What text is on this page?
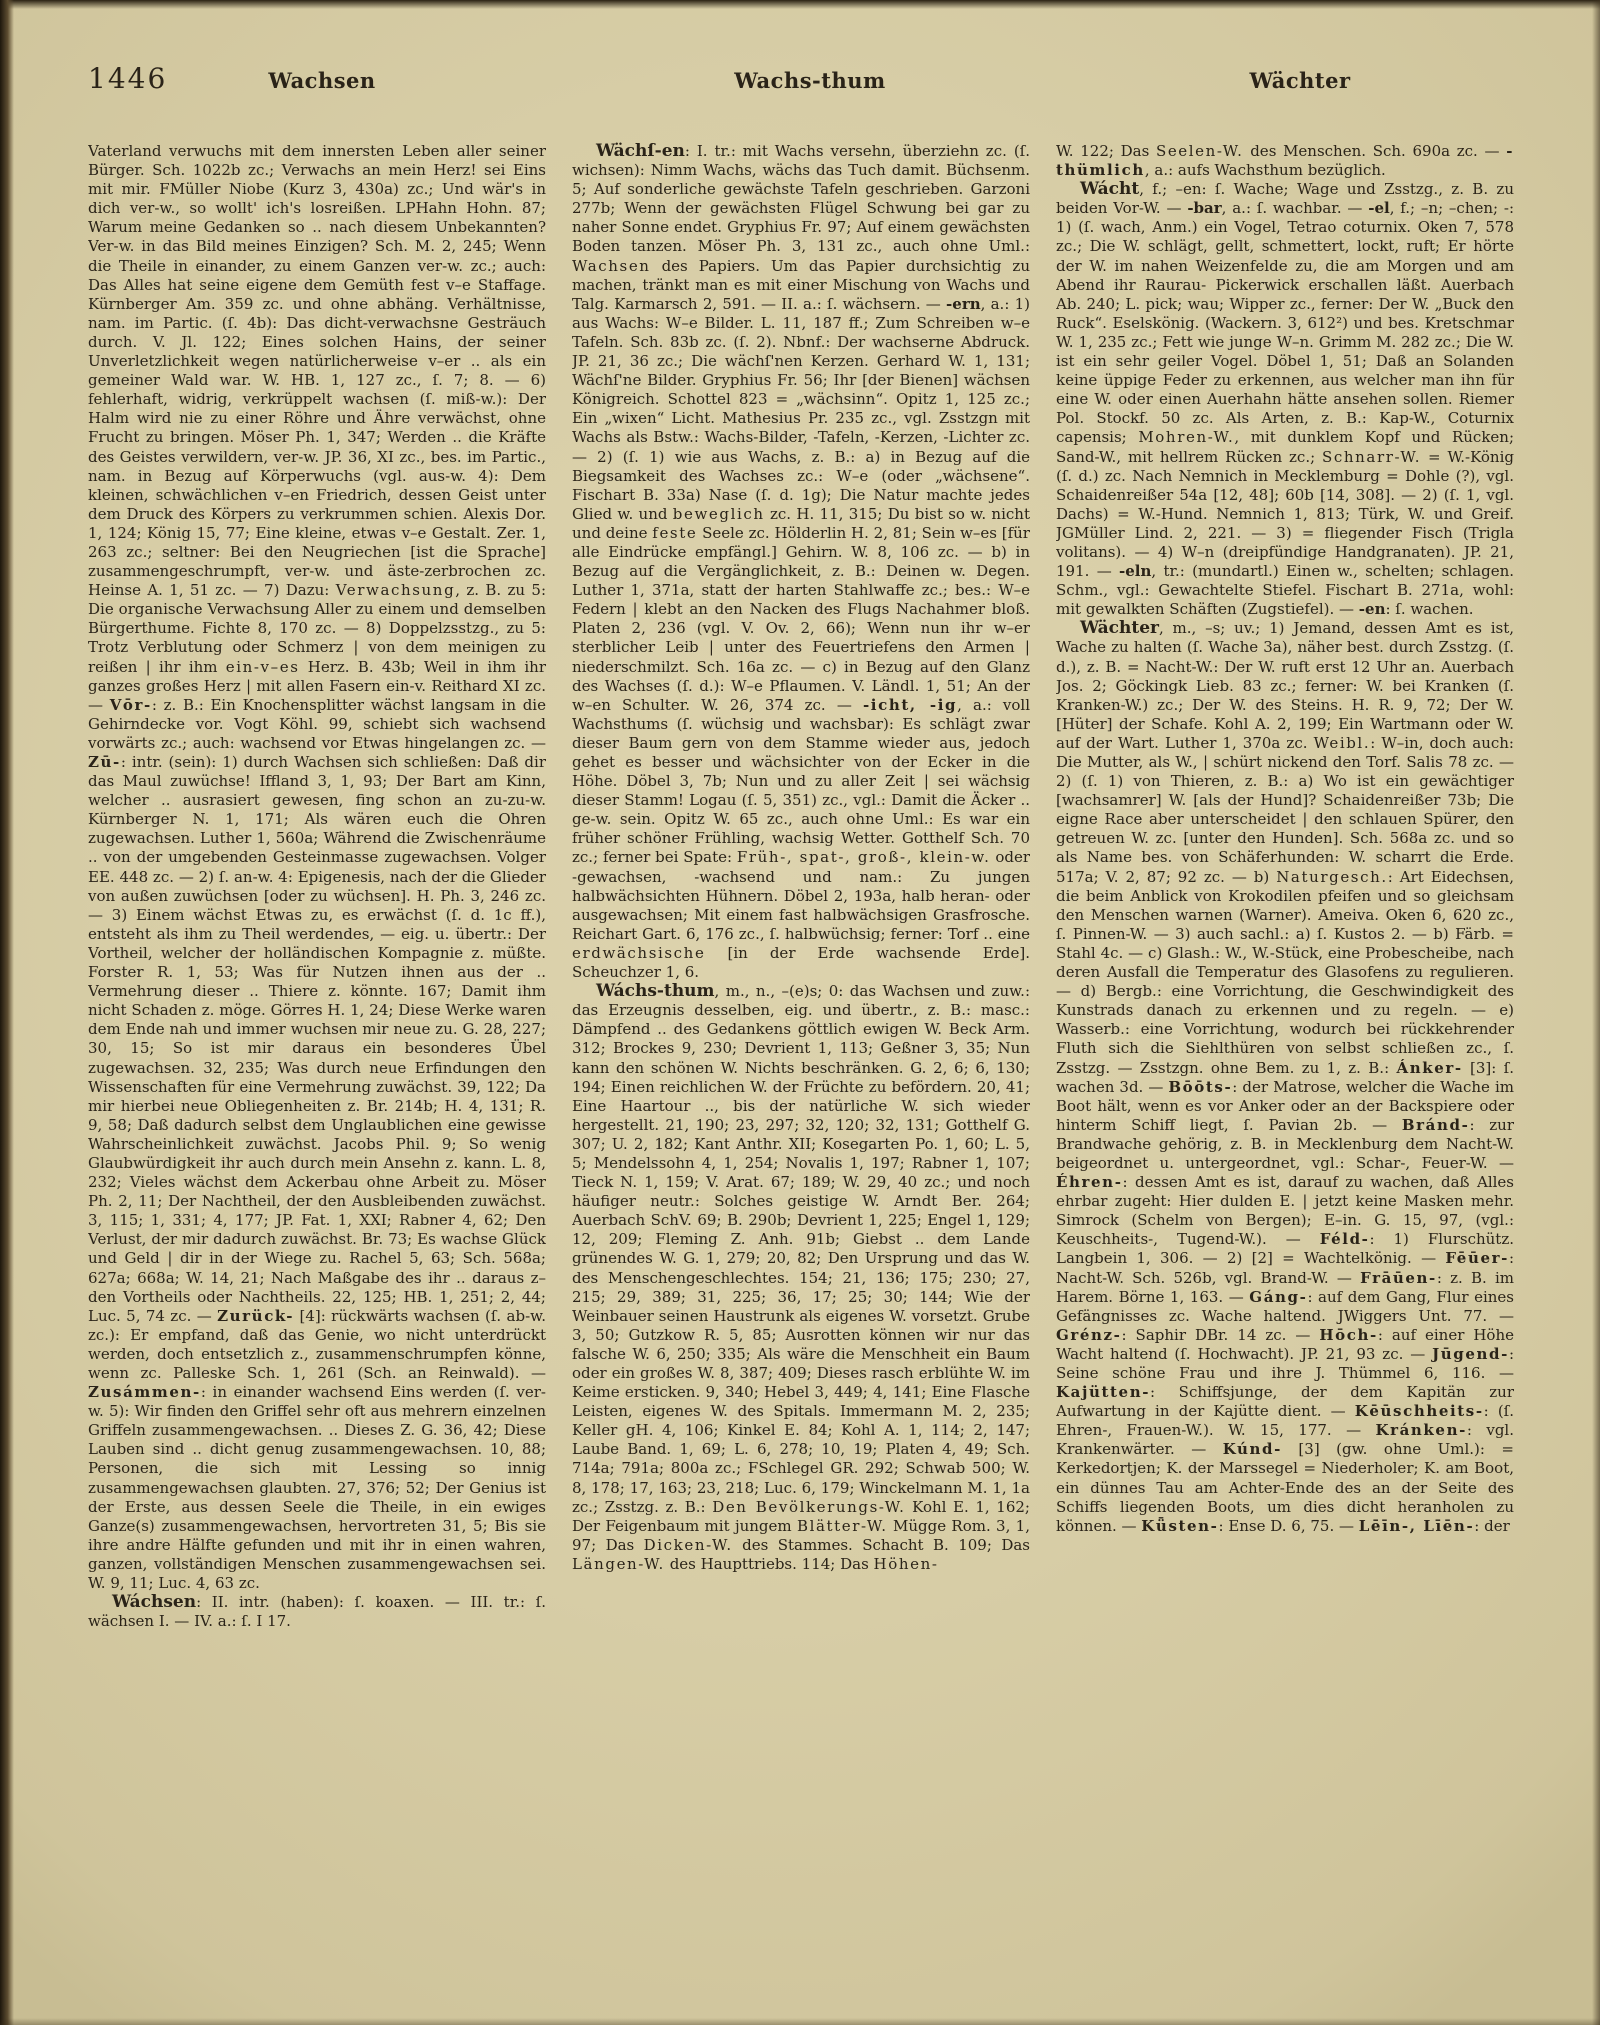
1446	Wachsen	Wachs-thum	Wächter

Vaterland verwuchs mit dem innersten Leben aller seiner Bürger. Sch. 1022b zc.; Verwachs an mein Herz! sei Eins mit mir. FMüller Niobe (Kurz 3, 430a) zc.; Und wär's in dich ver-w., so wollt' ich's losreißen. LPHahn Hohn. 87; Warum meine Gedanken so .. nach diesem Unbekannten? Ver-w. in das Bild meines Einzigen? Sch. M. 2, 245; Wenn die Theile in einander, zu einem Ganzen ver-w. zc.; auch: Das Alles hat seine eigene dem Gemüth fest v–e Staffage. Kürnberger Am. 359 zc. und ohne abhäng. Verhältnisse, nam. im Partic. (ſ. 4b): Das dicht-verwachsne Gesträuch durch. V. Jl. 122; Eines solchen Hains, der seiner Unverletzlichkeit wegen natürlicherweise v–er .. als ein gemeiner Wald war. W. HB. 1, 127 zc., ſ. 7; 8. — 6) fehlerhaft, widrig, verkrüppelt wachsen (ſ. miß-w.): Der Halm wird nie zu einer Röhre und Ähre verwächst, ohne Frucht zu bringen. Möser Ph. 1, 347; Werden .. die Kräfte des Geistes verwildern, ver-w. JP. 36, XI zc., bes. im Partic., nam. in Bezug auf Körperwuchs (vgl. aus-w. 4): Dem kleinen, schwächlichen v–en Friedrich, dessen Geist unter dem Druck des Körpers zu verkrummen schien. Alexis Dor. 1, 124; König 15, 77; Eine kleine, etwas v–e Gestalt. Zer. 1, 263 zc.; seltner: Bei den Neugriechen [ist die Sprache] zusammengeschrumpft, ver-w. und äste-zerbrochen zc. Heinse A. 1, 51 zc. — 7) Dazu: Verwachsung, z. B. zu 5: Die organische Verwachsung Aller zu einem und demselben Bürgerthume. Fichte 8, 170 zc. — 8) Doppelzsstzg., zu 5: Trotz Verblutung oder Schmerz | von dem meinigen zu reißen | ihr ihm ein-v–es Herz. B. 43b; Weil in ihm ihr ganzes großes Herz | mit allen Fasern ein-v. Reithard XI zc. — Vōr-: z. B.: Ein Knochensplitter wächst langsam in die Gehirndecke vor. Vogt Köhl. 99, schiebt sich wachsend vorwärts zc.; auch: wachsend vor Etwas hingelangen zc. — Zū-: intr. (sein): 1) durch Wachsen sich schließen: Daß dir das Maul zuwüchse! Iffland 3, 1, 93; Der Bart am Kinn, welcher .. ausrasiert gewesen, fing schon an zu-zu-w. Kürnberger N. 1, 171; Als wären euch die Ohren zugewachsen. Luther 1, 560a; Während die Zwischenräume .. von der umgebenden Gesteinmasse zugewachsen. Volger EE. 448 zc. — 2) ſ. an-w. 4: Epigenesis, nach der die Glieder von außen zuwüchsen [oder zu wüchsen]. H. Ph. 3, 246 zc. — 3) Einem wächst Etwas zu, es erwächst (ſ. d. 1c ff.), entsteht als ihm zu Theil werdendes, — eig. u. übertr.: Der Vortheil, welcher der holländischen Kompagnie z. müßte. Forster R. 1, 53; Was für Nutzen ihnen aus der .. Vermehrung dieser .. Thiere z. könnte. 167; Damit ihm nicht Schaden z. möge. Görres H. 1, 24; Diese Werke waren dem Ende nah und immer wuchsen mir neue zu. G. 28, 227; 30, 15; So ist mir daraus ein besonderes Übel zugewachsen. 32, 235; Was durch neue Erfindungen den Wissenschaften für eine Vermehrung zuwächst. 39, 122; Da mir hierbei neue Obliegenheiten z. Br. 214b; H. 4, 131; R. 9, 58; Daß dadurch selbst dem Unglaublichen eine gewisse Wahrscheinlichkeit zuwächst. Jacobs Phil. 9; So wenig Glaubwürdigkeit ihr auch durch mein Ansehn z. kann. L. 8, 232; Vieles wächst dem Ackerbau ohne Arbeit zu. Möser Ph. 2, 11; Der Nachtheil, der den Ausbleibenden zuwächst. 3, 115; 1, 331; 4, 177; JP. Fat. 1, XXI; Rabner 4, 62; Den Verlust, der mir dadurch zuwächst. Br. 73; Es wachse Glück und Geld | dir in der Wiege zu. Rachel 5, 63; Sch. 568a; 627a; 668a; W. 14, 21; Nach Maßgabe des ihr .. daraus z–den Vortheils oder Nachtheils. 22, 125; HB. 1, 251; 2, 44; Luc. 5, 74 zc. — Zurück- [4]: rückwärts wachsen (ſ. ab-w. zc.): Er empfand, daß das Genie, wo nicht unterdrückt werden, doch entsetzlich z., zusammenschrumpfen könne, wenn zc. Palleske Sch. 1, 261 (Sch. an Reinwald). — Zusámmen-: in einander wachsend Eins werden (ſ. ver-w. 5): Wir finden den Griffel sehr oft aus mehrern einzelnen Griffeln zusammengewachsen. .. Dieses Z. G. 36, 42; Diese Lauben sind .. dicht genug zusammengewachsen. 10, 88; Personen, die sich mit Lessing so innig zusammengewachsen glaubten. 27, 376; 52; Der Genius ist der Erste, aus dessen Seele die Theile, in ein ewiges Ganze(s) zusammengewachsen, hervortreten 31, 5; Bis sie ihre andre Hälfte gefunden und mit ihr in einen wahren, ganzen, vollständigen Menschen zusammengewachsen sei. W. 9, 11; Luc. 4, 63 zc.

Wáchsen: II. intr. (haben): ſ. koaxen. — III. tr.: ſ. wächsen I. — IV. a.: ſ. I 17.

Wächſ-en: I. tr.: mit Wachs versehn, überziehn zc. (ſ. wichsen): Nimm Wachs, wächs das Tuch damit. Büchsenm. 5; Auf sonderliche gewächste Tafeln geschrieben. Garzoni 277b; Wenn der gewächsten Flügel Schwung bei gar zu naher Sonne endet. Gryphius Fr. 97; Auf einem gewächsten Boden tanzen. Möser Ph. 3, 131 zc., auch ohne Uml.: Wachsen des Papiers. Um das Papier durchsichtig zu machen, tränkt man es mit einer Mischung von Wachs und Talg. Karmarsch 2, 591. — II. a.: ſ. wächsern. — -ern, a.: 1) aus Wachs: W–e Bilder. L. 11, 187 ff.; Zum Schreiben w–e Tafeln. Sch. 83b zc. (ſ. 2). Nbnf.: Der wachserne Abdruck. JP. 21, 36 zc.; Die wächſ'nen Kerzen. Gerhard W. 1, 131; Wächſ'ne Bilder. Gryphius Fr. 56; Ihr [der Bienen] wächsen Königreich. Schottel 823 = „wächsinn“. Opitz 1, 125 zc.; Ein „wixen“ Licht. Mathesius Pr. 235 zc., vgl. Zsstzgn mit Wachs als Bstw.: Wachs-Bilder, -Tafeln, -Kerzen, -Lichter zc. — 2) (ſ. 1) wie aus Wachs, z. B.: a) in Bezug auf die Biegsamkeit des Wachses zc.: W–e (oder „wächsene“. Fischart B. 33a) Nase (ſ. d. 1g); Die Natur machte jedes Glied w. und beweglich zc. H. 11, 315; Du bist so w. nicht und deine feste Seele zc. Hölderlin H. 2, 81; Sein w–es [für alle Eindrücke empfängl.] Gehirn. W. 8, 106 zc. — b) in Bezug auf die Vergänglichkeit, z. B.: Deinen w. Degen. Luther 1, 371a, statt der harten Stahlwaffe zc.; bes.: W–e Federn | klebt an den Nacken des Flugs Nachahmer bloß. Platen 2, 236 (vgl. V. Ov. 2, 66); Wenn nun ihr w–er sterblicher Leib | unter des Feuertriefens den Armen | niederschmilzt. Sch. 16a zc. — c) in Bezug auf den Glanz des Wachses (ſ. d.): W–e Pflaumen. V. Ländl. 1, 51; An der w–en Schulter. W. 26, 374 zc. — -icht, -ig, a.: voll Wachsthums (ſ. wüchsig und wachsbar): Es schlägt zwar dieser Baum gern von dem Stamme wieder aus, jedoch gehet es besser und wächsichter von der Ecker in die Höhe. Döbel 3, 7b; Nun und zu aller Zeit | sei wächsig dieser Stamm! Logau (ſ. 5, 351) zc., vgl.: Damit die Äcker .. ge-w. sein. Opitz W. 65 zc., auch ohne Uml.: Es war ein früher schöner Frühling, wachsig Wetter. Gotthelf Sch. 70 zc.; ferner bei Spate: Früh-, spat-, groß-, klein-w. oder -gewachsen, -wachsend und nam.: Zu jungen halbwächsichten Hühnern. Döbel 2, 193a, halb heran- oder ausgewachsen; Mit einem fast halbwächsigen Grasfrosche. Reichart Gart. 6, 176 zc., ſ. halbwüchsig; ferner: Torf .. eine erdwächsische [in der Erde wachsende Erde]. Scheuchzer 1, 6.

Wáchs-thum, m., n., –(e)s; 0: das Wachsen und zuw.: das Erzeugnis desselben, eig. und übertr., z. B.: masc.: Dämpfend .. des Gedankens göttlich ewigen W. Beck Arm. 312; Brockes 9, 230; Devrient 1, 113; Geßner 3, 35; Nun kann den schönen W. Nichts beschränken. G. 2, 6; 6, 130; 194; Einen reichlichen W. der Früchte zu befördern. 20, 41; Eine Haartour .., bis der natürliche W. sich wieder hergestellt. 21, 190; 23, 297; 32, 120; 32, 131; Gotthelf G. 307; U. 2, 182; Kant Anthr. XII; Kosegarten Po. 1, 60; L. 5, 5; Mendelssohn 4, 1, 254; Novalis 1, 197; Rabner 1, 107; Tieck N. 1, 159; V. Arat. 67; 189; W. 29, 40 zc.; und noch häufiger neutr.: Solches geistige W. Arndt Ber. 264; Auerbach SchV. 69; B. 290b; Devrient 1, 225; Engel 1, 129; 12, 209; Fleming Z. Anh. 91b; Giebst .. dem Lande grünendes W. G. 1, 279; 20, 82; Den Ursprung und das W. des Menschengeschlechtes. 154; 21, 136; 175; 230; 27, 215; 29, 389; 31, 225; 36, 17; 25; 30; 144; Wie der Weinbauer seinen Haustrunk als eigenes W. vorsetzt. Grube 3, 50; Gutzkow R. 5, 85; Ausrotten können wir nur das falsche W. 6, 250; 335; Als wäre die Menschheit ein Baum oder ein großes W. 8, 387; 409; Dieses rasch erblühte W. im Keime ersticken. 9, 340; Hebel 3, 449; 4, 141; Eine Flasche Leisten, eigenes W. des Spitals. Immermann M. 2, 235; Keller gH. 4, 106; Kinkel E. 84; Kohl A. 1, 114; 2, 147; Laube Band. 1, 69; L. 6, 278; 10, 19; Platen 4, 49; Sch. 714a; 791a; 800a zc.; FSchlegel GR. 292; Schwab 500; W. 8, 178; 17, 163; 23, 218; Luc. 6, 179; Winckelmann M. 1, 1a zc.; Zsstzg. z. B.: Den Bevölkerungs-W. Kohl E. 1, 162; Der Feigenbaum mit jungem Blätter-W. Mügge Rom. 3, 1, 97; Das Dicken-W. des Stammes. Schacht B. 109; Das Längen-W. des Haupttriebs. 114; Das Höhen-

W. 122; Das Seelen-W. des Menschen. Sch. 690a zc. — -thümlich, a.: aufs Wachsthum bezüglich.

Wácht, f.; –en: ſ. Wache; Wage und Zsstzg., z. B. zu beiden Vor-W. — -bar, a.: ſ. wachbar. — -el, f.; –n; –chen; -: 1) (ſ. wach, Anm.) ein Vogel, Tetrao coturnix. Oken 7, 578 zc.; Die W. schlägt, gellt, schmettert, lockt, ruft; Er hörte der W. im nahen Weizenfelde zu, die am Morgen und am Abend ihr Raurau- Pickerwick erschallen läßt. Auerbach Ab. 240; L. pick; wau; Wipper zc., ferner: Der W. „Buck den Ruck“. Eselskönig. (Wackern. 3, 612²) und bes. Kretschmar W. 1, 235 zc.; Fett wie junge W–n. Grimm M. 282 zc.; Die W. ist ein sehr geiler Vogel. Döbel 1, 51; Daß an Solanden keine üppige Feder zu erkennen, aus welcher man ihn für eine W. oder einen Auerhahn hätte ansehen sollen. Riemer Pol. Stockf. 50 zc. Als Arten, z. B.: Kap-W., Coturnix capensis; Mohren-W., mit dunklem Kopf und Rücken; Sand-W., mit hellrem Rücken zc.; Schnarr-W. = W.-König (ſ. d.) zc. Nach Nemnich in Mecklemburg = Dohle (?), vgl. Schaidenreißer 54a [12, 48]; 60b [14, 308]. — 2) (ſ. 1, vgl. Dachs) = W.-Hund. Nemnich 1, 813; Türk, W. und Greif. JGMüller Lind. 2, 221. — 3) = fliegender Fisch (Trigla volitans). — 4) W–n (dreipfündige Handgranaten). JP. 21, 191. — -eln, tr.: (mundartl.) Einen w., schelten; schlagen. Schm., vgl.: Gewachtelte Stiefel. Fischart B. 271a, wohl: mit gewalkten Schäften (Zugstiefel). — -en: ſ. wachen.

Wächter, m., –s; uv.; 1) Jemand, dessen Amt es ist, Wache zu halten (ſ. Wache 3a), näher best. durch Zsstzg. (ſ. d.), z. B. = Nacht-W.: Der W. ruft erst 12 Uhr an. Auerbach Jos. 2; Göckingk Lieb. 83 zc.; ferner: W. bei Kranken (ſ. Kranken-W.) zc.; Der W. des Steins. H. R. 9, 72; Der W. [Hüter] der Schafe. Kohl A. 2, 199; Ein Wartmann oder W. auf der Wart. Luther 1, 370a zc. Weibl.: W–in, doch auch: Die Mutter, als W., | schürt nickend den Torf. Salis 78 zc. — 2) (ſ. 1) von Thieren, z. B.: a) Wo ist ein gewächtiger [wachsamrer] W. [als der Hund]? Schaidenreißer 73b; Die eigne Race aber unterscheidet | den schlauen Spürer, den getreuen W. zc. [unter den Hunden]. Sch. 568a zc. und so als Name bes. von Schäferhunden: W. scharrt die Erde. 517a; V. 2, 87; 92 zc. — b) Naturgesch.: Art Eidechsen, die beim Anblick von Krokodilen pfeifen und so gleichsam den Menschen warnen (Warner). Ameiva. Oken 6, 620 zc., ſ. Pinnen-W. — 3) auch sachl.: a) ſ. Kustos 2. — b) Färb. = Stahl 4c. — c) Glash.: W., W.-Stück, eine Probescheibe, nach deren Ausfall die Temperatur des Glasofens zu regulieren. — d) Bergb.: eine Vorrichtung, die Geschwindigkeit des Kunstrads danach zu erkennen und zu regeln. — e) Wasserb.: eine Vorrichtung, wodurch bei rückkehrender Fluth sich die Siehlthüren von selbst schließen zc., ſ. Zsstzg. — Zsstzgn. ohne Bem. zu 1, z. B.: Ánker- [3]: ſ. wachen 3d. — Bōōts-: der Matrose, welcher die Wache im Boot hält, wenn es vor Anker oder an der Backspiere oder hinterm Schiff liegt, ſ. Pavian 2b. — Bránd-: zur Brandwache gehörig, z. B. in Mecklenburg dem Nacht-W. beigeordnet u. untergeordnet, vgl.: Schar-, Feuer-W. — Éhren-: dessen Amt es ist, darauf zu wachen, daß Alles ehrbar zugeht: Hier dulden E. | jetzt keine Masken mehr. Simrock (Schelm von Bergen); E–in. G. 15, 97, (vgl.: Keuschheits-, Tugend-W.). — Féld-: 1) Flurschütz. Langbein 1, 306. — 2) [2] = Wachtelkönig. — Fēūer-: Nacht-W. Sch. 526b, vgl. Brand-W. — Frāūen-: z. B. im Harem. Börne 1, 163. — Gáng-: auf dem Gang, Flur eines Gefängnisses zc. Wache haltend. JWiggers Unt. 77. — Grénz-: Saphir DBr. 14 zc. — Hōch-: auf einer Höhe Wacht haltend (ſ. Hochwacht). JP. 21, 93 zc. — Jūgend-: Seine schöne Frau und ihre J. Thümmel 6, 116. — Kajütten-: Schiffsjunge, der dem Kapitän zur Aufwartung in der Kajütte dient. — Kēūschheits-: (ſ. Ehren-, Frauen-W.). W. 15, 177. — Kránken-: vgl. Krankenwärter. — Kúnd- [3] (gw. ohne Uml.): = Kerkedortjen; K. der Marssegel = Niederholer; K. am Boot, ein dünnes Tau am Achter-Ende des an der Seite des Schiffs liegenden Boots, um dies dicht heranholen zu können. — Kǖsten-: Ense D. 6, 75. — Lēīn-, Līēn-: der
